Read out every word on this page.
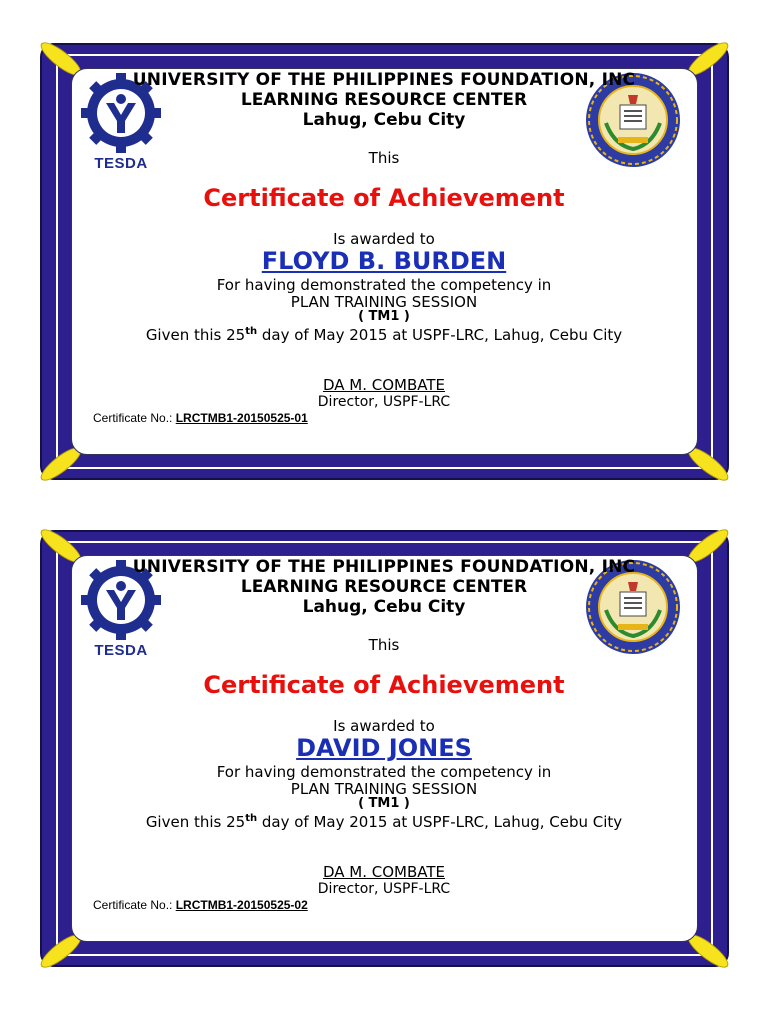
TESDA
UNIVERSITY OF THE PHILIPPINES FOUNDATION, INC
LEARNING RESOURCE CENTER
Lahug, Cebu City
This
Certificate of Achievement
Is awarded to
FLOYD B. BURDEN
For having demonstrated the competency in
PLAN TRAINING SESSION
( TM1 )
Given this 25th day of May 2015 at USPF-LRC, Lahug, Cebu City
DA M. COMBATE
Director, USPF-LRC
Certificate No.: LRCTMB1-20150525-01
TESDA
UNIVERSITY OF THE PHILIPPINES FOUNDATION, INC
LEARNING RESOURCE CENTER
Lahug, Cebu City
This
Certificate of Achievement
Is awarded to
DAVID JONES
For having demonstrated the competency in
PLAN TRAINING SESSION
( TM1 )
Given this 25th day of May 2015 at USPF-LRC, Lahug, Cebu City
DA M. COMBATE
Director, USPF-LRC
Certificate No.: LRCTMB1-20150525-02
